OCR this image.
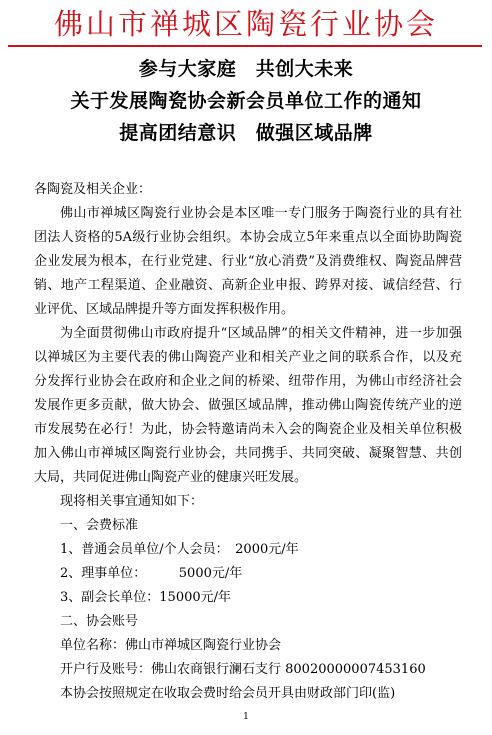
佛山市禅城区陶瓷行业协会
参与大家庭　共创大未来
关于发展陶瓷协会新会员单位工作的通知
提高团结意识　做强区域品牌

各陶瓷及相关企业：

佛山市禅城区陶瓷行业协会是本区唯一专门服务于陶瓷行业的具有社团法人资格的5A级行业协会组织。本协会成立5年来重点以全面协助陶瓷企业发展为根本，在行业党建、行业“放心消费”及消费维权、陶瓷品牌营销、地产工程渠道、企业融资、高新企业申报、跨界对接、诚信经营、行业评优、区域品牌提升等方面发挥积极作用。

为全面贯彻佛山市政府提升“区域品牌”的相关文件精神，进一步加强以禅城区为主要代表的佛山陶瓷产业和相关产业之间的联系合作，以及充分发挥行业协会在政府和企业之间的桥梁、纽带作用，为佛山市经济社会发展作更多贡献，做大协会、做强区域品牌，推动佛山陶瓷传统产业的逆市发展势在必行！为此，协会特邀请尚未入会的陶瓷企业及相关单位积极加入佛山市禅城区陶瓷行业协会，共同携手、共同突破、凝聚智慧、共创大局，共同促进佛山陶瓷产业的健康兴旺发展。

现将相关事宜通知如下：

一、会费标准

1、普通会员单位/个人会员：　2000元/年

2、理事单位：　　　5000元/年

3、副会长单位：15000元/年

二、协会账号

单位名称：佛山市禅城区陶瓷行业协会

开户行及账号：佛山农商银行澜石支行 80020000007453160

本协会按照规定在收取会费时给会员开具由财政部门印(监)

1
